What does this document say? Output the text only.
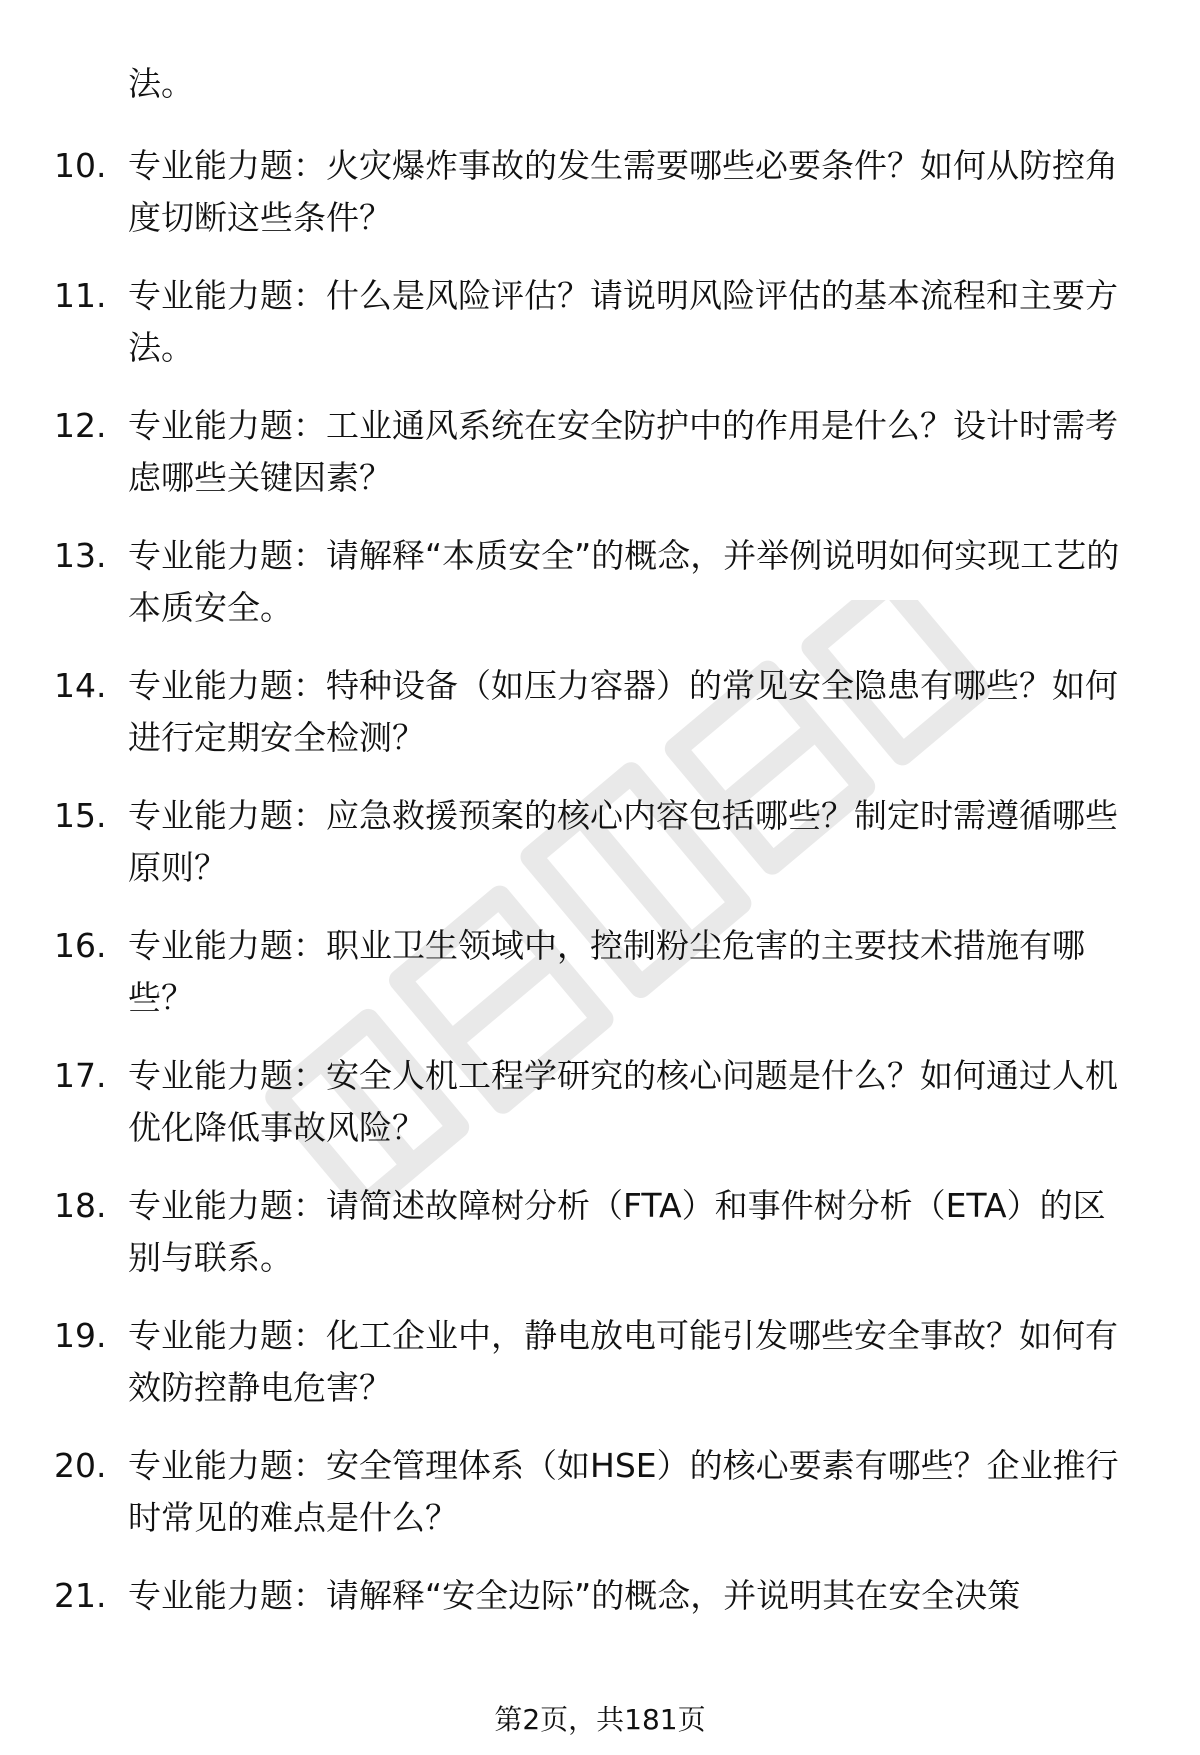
法。

10. 专业能力题：火灾爆炸事故的发生需要哪些必要条件？如何从防控角度切断这些条件？

11. 专业能力题：什么是风险评估？请说明风险评估的基本流程和主要方法。

12. 专业能力题：工业通风系统在安全防护中的作用是什么？设计时需考虑哪些关键因素？

13. 专业能力题：请解释“本质安全”的概念，并举例说明如何实现工艺的本质安全。

14. 专业能力题：特种设备（如压力容器）的常见安全隐患有哪些？如何进行定期安全检测？

15. 专业能力题：应急救援预案的核心内容包括哪些？制定时需遵循哪些原则？

16. 专业能力题：职业卫生领域中，控制粉尘危害的主要技术措施有哪些？

17. 专业能力题：安全人机工程学研究的核心问题是什么？如何通过人机优化降低事故风险？

18. 专业能力题：请简述故障树分析（FTA）和事件树分析（ETA）的区别与联系。

19. 专业能力题：化工企业中，静电放电可能引发哪些安全事故？如何有效防控静电危害？

20. 专业能力题：安全管理体系（如HSE）的核心要素有哪些？企业推行时常见的难点是什么？

21. 专业能力题：请解释“安全边际”的概念，并说明其在安全决策

第2页，共181页
